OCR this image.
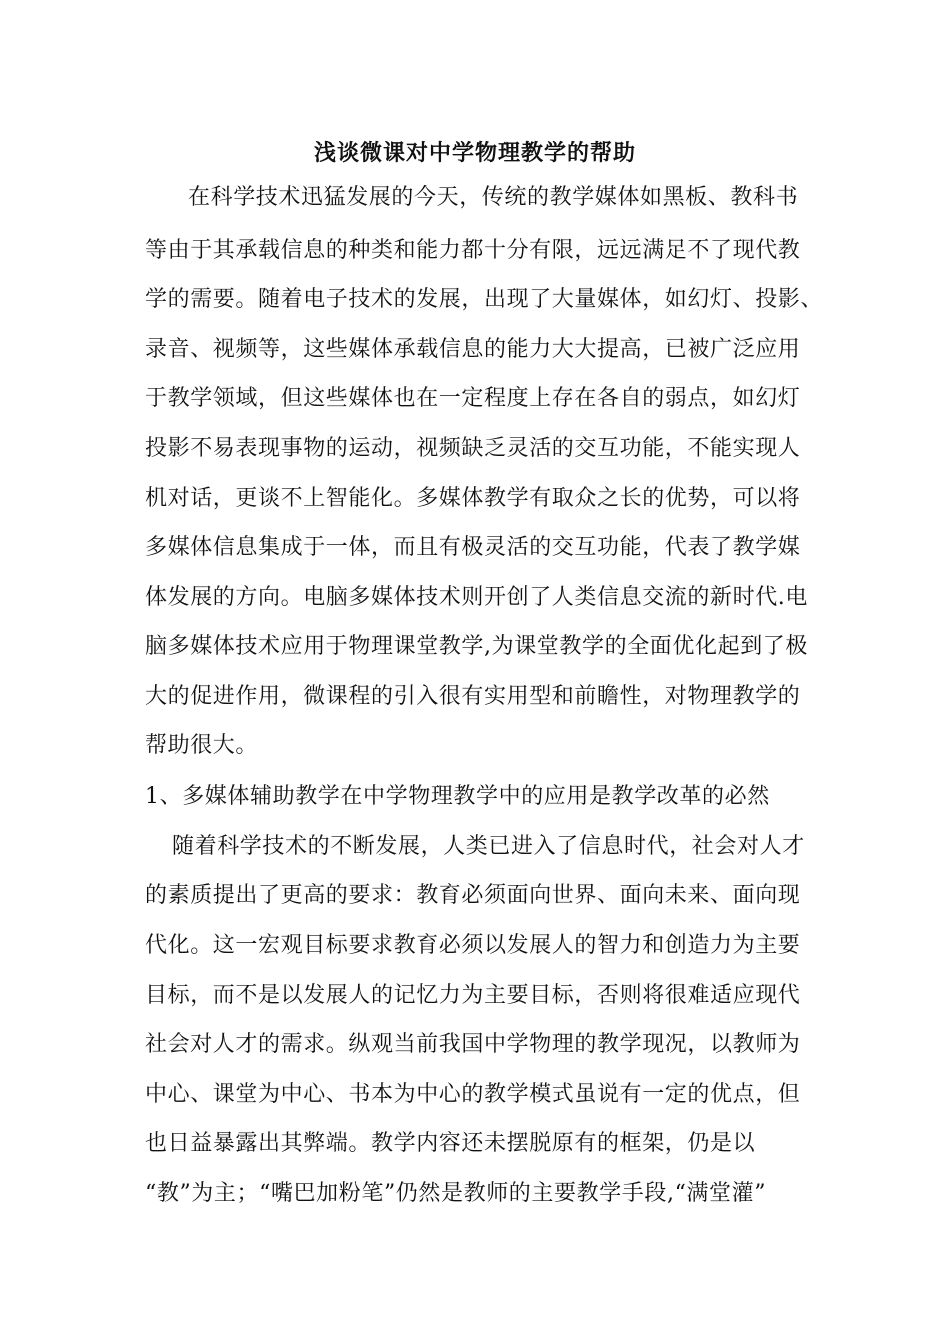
浅谈微课对中学物理教学的帮助
在科学技术迅猛发展的今天，传统的教学媒体如黑板、教科书
等由于其承载信息的种类和能力都十分有限，远远满足不了现代教
学的需要。随着电子技术的发展，出现了大量媒体，如幻灯、投影、
录音、视频等，这些媒体承载信息的能力大大提高，已被广泛应用
于教学领域，但这些媒体也在一定程度上存在各自的弱点，如幻灯
投影不易表现事物的运动，视频缺乏灵活的交互功能，不能实现人
机对话，更谈不上智能化。多媒体教学有取众之长的优势，可以将
多媒体信息集成于一体，而且有极灵活的交互功能，代表了教学媒
体发展的方向。电脑多媒体技术则开创了人类信息交流的新时代.电
脑多媒体技术应用于物理课堂教学,为课堂教学的全面优化起到了极
大的促进作用，微课程的引入很有实用型和前瞻性，对物理教学的
帮助很大。
1、多媒体辅助教学在中学物理教学中的应用是教学改革的必然
随着科学技术的不断发展，人类已进入了信息时代，社会对人才
的素质提出了更高的要求：教育必须面向世界、面向未来、面向现
代化。这一宏观目标要求教育必须以发展人的智力和创造力为主要
目标，而不是以发展人的记忆力为主要目标，否则将很难适应现代
社会对人才的需求。纵观当前我国中学物理的教学现况，以教师为
中心、课堂为中心、书本为中心的教学模式虽说有一定的优点，但
也日益暴露出其弊端。教学内容还未摆脱原有的框架，仍是以
“教”为主；“嘴巴加粉笔”仍然是教师的主要教学手段,“满堂灌”
